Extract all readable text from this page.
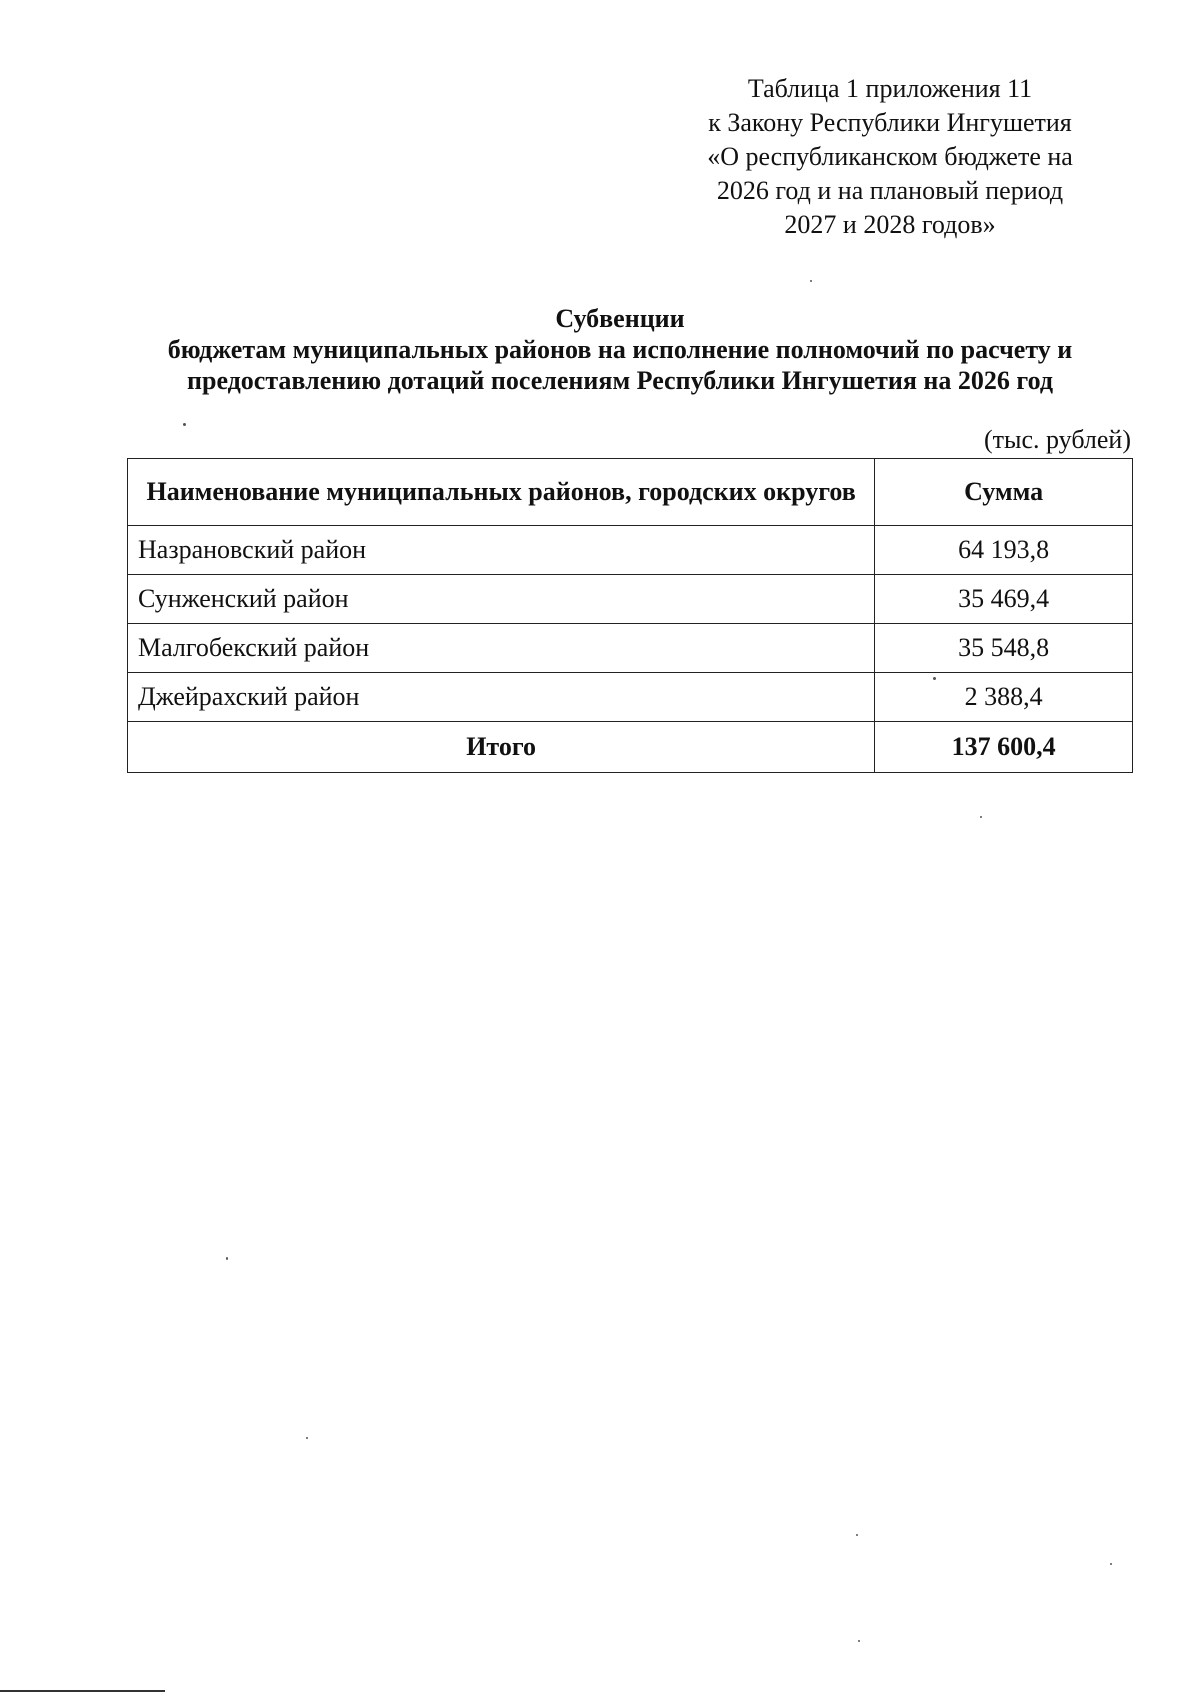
Таблица 1 приложения 11
к Закону Республики Ингушетия
«О республиканском бюджете на
2026 год и на плановый период
2027 и 2028 годов»
Субвенции
бюджетам муниципальных районов на исполнение полномочий по расчету и
предоставлению дотаций поселениям Республики Ингушетия на 2026 год
(тыс. рублей)
Наименование муниципальных районов, городских округов	Сумма
Назрановский район	64 193,8
Сунженский район	35 469,4
Малгобекский район	35 548,8
Джейрахский район	2 388,4
Итого	137 600,4
